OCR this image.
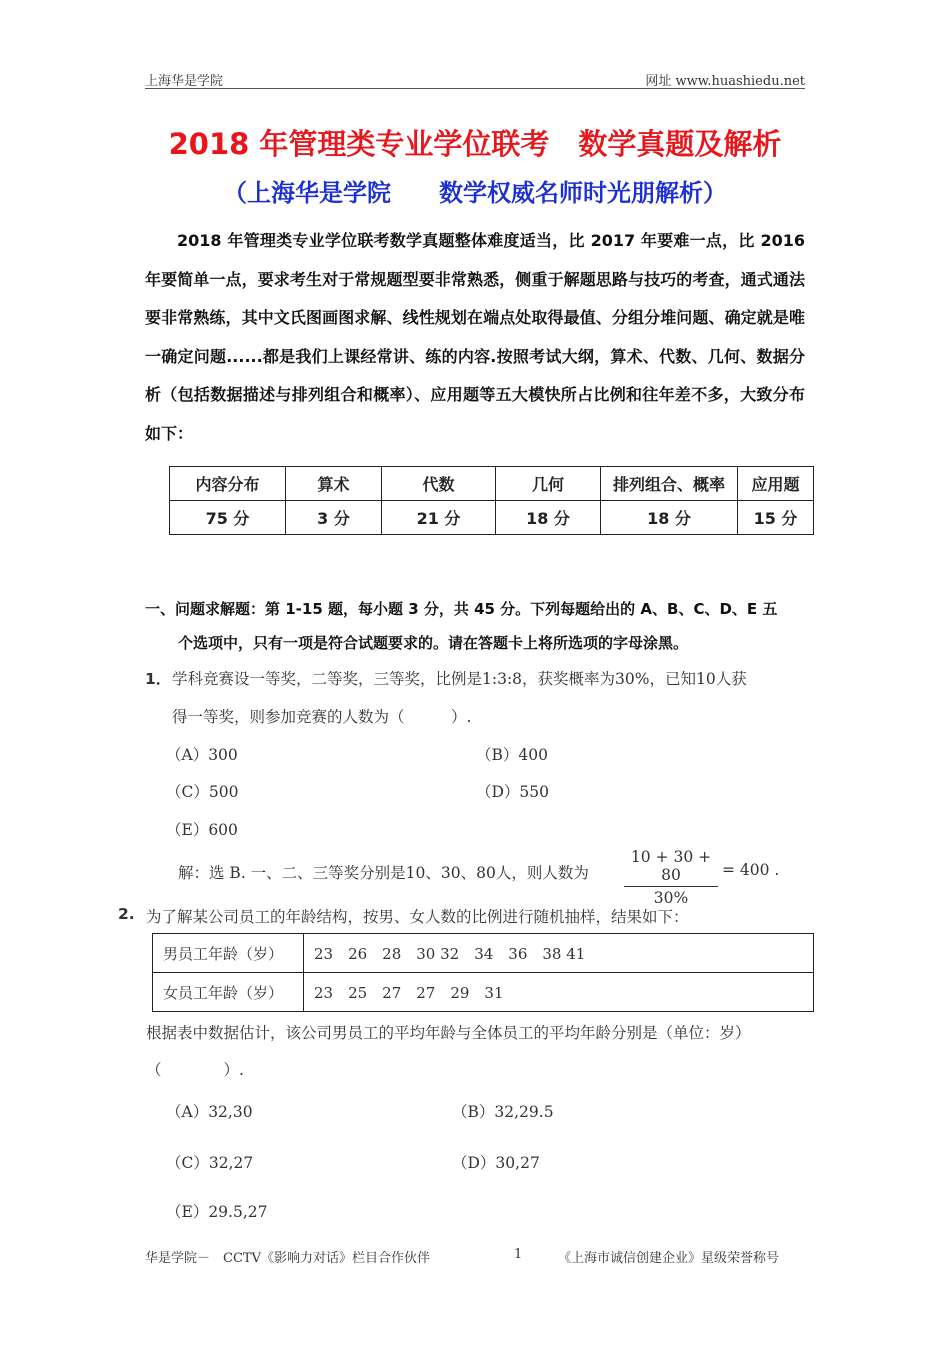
上海华是学院	网址 www.huashiedu.net
2018 年管理类专业学位联考　数学真题及解析
（上海华是学院　　数学权威名师时光朋解析）
2018 年管理类专业学位联考数学真题整体难度适当，比 2017 年要难一点，比 2016 年要简单一点，要求考生对于常规题型要非常熟悉，侧重于解题思路与技巧的考查，通式通法要非常熟练，其中文氏图画图求解、线性规划在端点处取得最值、分组分堆问题、确定就是唯一确定问题......都是我们上课经常讲、练的内容.按照考试大纲，算术、代数、几何、数据分析（包括数据描述与排列组合和概率）、应用题等五大模快所占比例和往年差不多，大致分布如下：
内容分布	算术	代数	几何	排列组合、概率	应用题
75 分	3 分	21 分	18 分	18 分	15 分
一、问题求解题：第 1-15 题，每小题 3 分，共 45 分。下列每题给出的 A、B、C、D、E 五
个选项中，只有一项是符合试题要求的。请在答题卡上将所选项的字母涂黑。
1． 学科竞赛设一等奖，二等奖，三等奖，比例是1:3:8，获奖概率为30%，已知10人获
得一等奖，则参加竞赛的人数为（　　　）.
（A）300	（B）400
（C）500	（D）550
（E）600
解：选 B. 一、二、三等奖分别是10、30、80人，则人数为 $\frac{10 + 30 + 80}{30\%} = 400$ .
2. 为了解某公司员工的年龄结构，按男、女人数的比例进行随机抽样，结果如下：
男员工年龄（岁）	23　26　28　30 32　34　36　38 41
女员工年龄（岁）	23　25　27　27　29　31
根据表中数据估计，该公司男员工的平均年龄与全体员工的平均年龄分别是（单位：岁）
（　　　　）.
（A）32,30	（B）32,29.5
（C）32,27	（D）30,27
（E）29.5,27
华是学院－　CCTV《影响力对话》栏目合作伙伴	1	《上海市诚信创建企业》星级荣誉称号
